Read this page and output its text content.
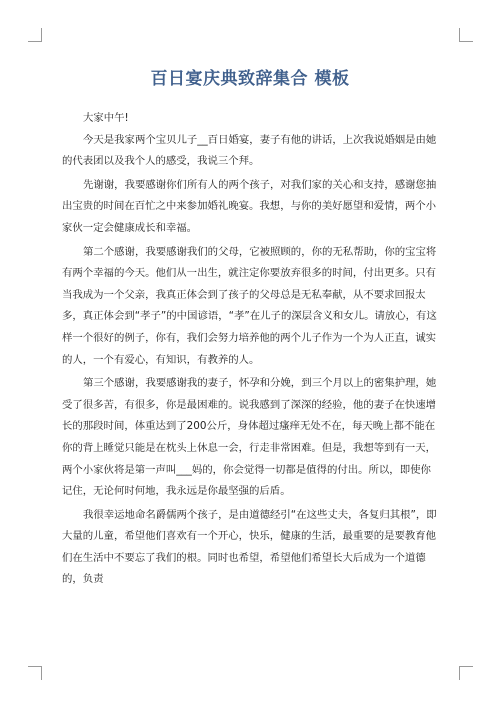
百日宴庆典致辞集合 模板

大家中午!

今天是我家两个宝贝儿子__百日婚宴，妻子有他的讲话，上次我说婚姻是由她的代表团以及我个人的感受，我说三个拜。

先谢谢，我要感谢你们所有人的两个孩子，对我们家的关心和支持，感谢您抽出宝贵的时间在百忙之中来参加婚礼晚宴。我想，与你的美好愿望和爱情，两个小家伙一定会健康成长和幸福。

第二个感谢，我要感谢我们的父母，它被照顾的，你的无私帮助，你的宝宝将有两个幸福的今天。他们从一出生，就注定你要放弃很多的时间，付出更多。只有当我成为一个父亲，我真正体会到了孩子的父母总是无私奉献，从不要求回报太多，真正体会到“孝子”的中国谚语，“孝”在儿子的深层含义和女儿。请放心，有这样一个很好的例子，你有，我们会努力培养他的两个儿子作为一个为人正直，诚实的人，一个有爱心，有知识，有教养的人。

第三个感谢，我要感谢我的妻子，怀孕和分娩，到三个月以上的密集护理，她受了很多苦，有很多，你是最困难的。说我感到了深深的经验，他的妻子在快速增长的那段时间，体重达到了200公斤，身体超过瘙痒无处不在，每天晚上都不能在你的背上睡觉只能是在枕头上休息一会，行走非常困难。但是，我想等到有一天，两个小家伙将是第一声叫___妈的，你会觉得一切都是值得的付出。所以，即使你记住，无论何时何地，我永远是你最坚强的后盾。

我很幸运地命名爵儒两个孩子，是由道德经引“在这些丈夫，各复归其根”，即大量的儿童，希望他们喜欢有一个开心，快乐，健康的生活，最重要的是要教育他们在生活中不要忘了我们的根。同时也希望，希望他们希望长大后成为一个道德的，负责
